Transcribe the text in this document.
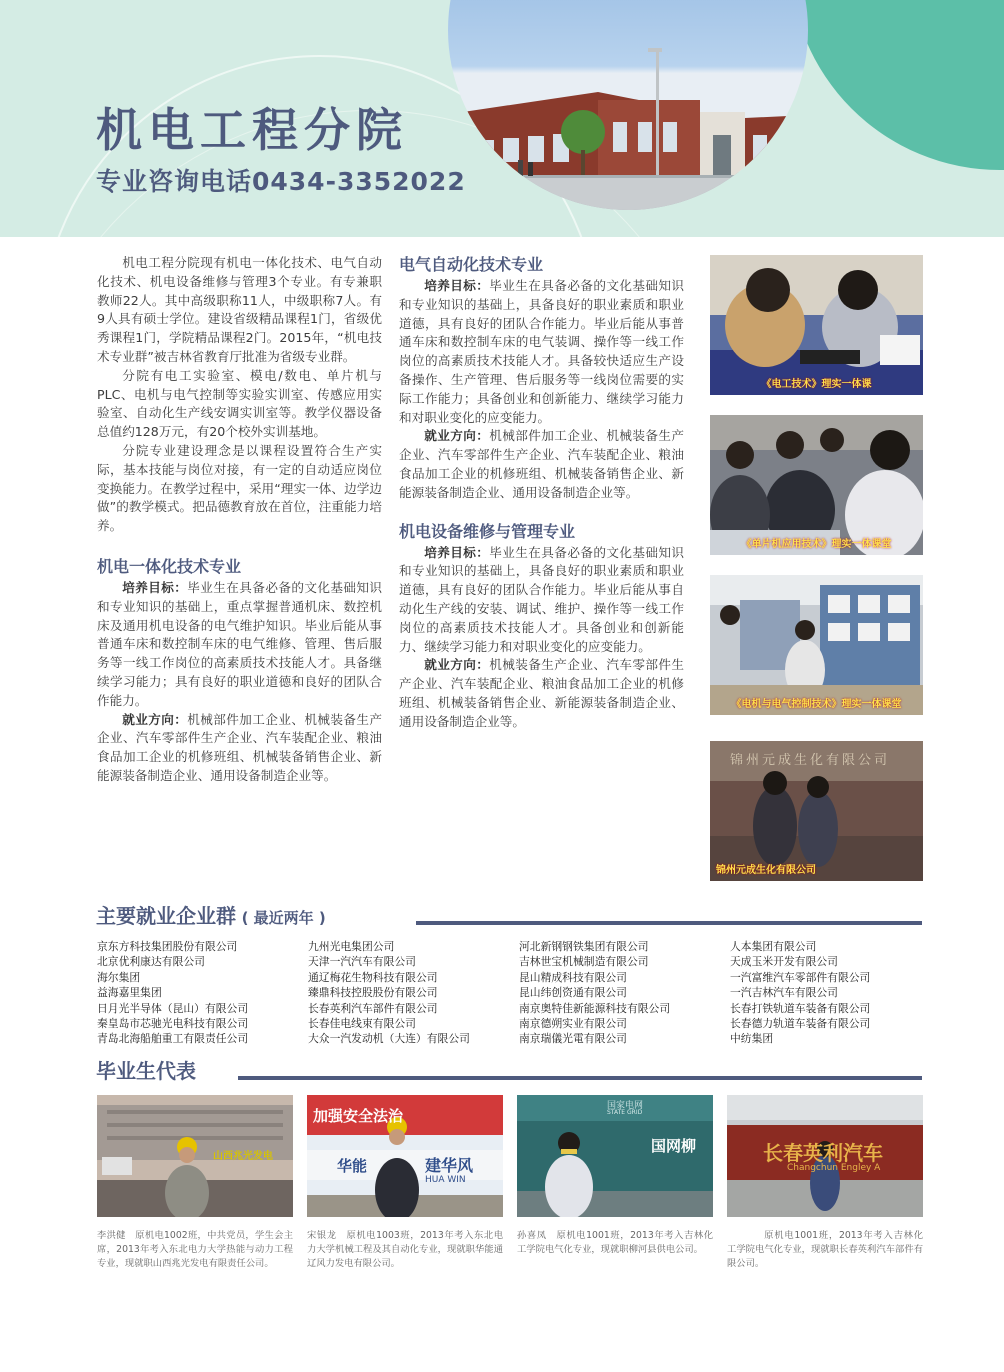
机电工程分院
专业咨询电话0434-3352022

机电工程分院现有机电一体化技术、电气自动化技术、机电设备维修与管理3个专业。有专兼职教师22人。其中高级职称11人，中级职称7人。有9人具有硕士学位。建设省级精品课程1门，省级优秀课程1门，学院精品课程2门。2015年，“机电技术专业群”被吉林省教育厅批准为省级专业群。

分院有电工实验室、模电/数电、单片机与PLC、电机与电气控制等实验实训室、传感应用实验室、自动化生产线安调实训室等。教学仪器设备总值约128万元，有20个校外实训基地。

分院专业建设理念是以课程设置符合生产实际，基本技能与岗位对接，有一定的自动适应岗位变换能力。在教学过程中，采用“理实一体、边学边做”的教学模式。把品德教育放在首位，注重能力培养。

机电一体化技术专业

培养目标：毕业生在具备必备的文化基础知识和专业知识的基础上，重点掌握普通机床、数控机床及通用机电设备的电气维护知识。毕业后能从事普通车床和数控制车床的电气维修、管理、售后服务等一线工作岗位的高素质技术技能人才。具备继续学习能力；具有良好的职业道德和良好的团队合作能力。

就业方向：机械部件加工企业、机械装备生产企业、汽车零部件生产企业、汽车装配企业、粮油食品加工企业的机修班组、机械装备销售企业、新能源装备制造企业、通用设备制造企业等。

电气自动化技术专业

培养目标：毕业生在具备必备的文化基础知识和专业知识的基础上，具备良好的职业素质和职业道德，具有良好的团队合作能力。毕业后能从事普通车床和数控制车床的电气装调、操作等一线工作岗位的高素质技术技能人才。具备较快适应生产设备操作、生产管理、售后服务等一线岗位需要的实际工作能力；具备创业和创新能力、继续学习能力和对职业变化的应变能力。

就业方向：机械部件加工企业、机械装备生产企业、汽车零部件生产企业、汽车装配企业、粮油食品加工企业的机修班组、机械装备销售企业、新能源装备制造企业、通用设备制造企业等。

机电设备维修与管理专业

培养目标：毕业生在具备必备的文化基础知识和专业知识的基础上，具备良好的职业素质和职业道德，具有良好的团队合作能力。毕业后能从事自动化生产线的安装、调试、维护、操作等一线工作岗位的高素质技术技能人才。具备创业和创新能力、继续学习能力和对职业变化的应变能力。

就业方向：机械装备生产企业、汽车零部件生产企业、汽车装配企业、粮油食品加工企业的机修班组、机械装备销售企业、新能源装备制造企业、通用设备制造企业等。

《电工技术》理实一体课
《单片机应用技术》理实一体课堂
《电机与电气控制技术》理实一体课堂
锦州元成生化有限公司
锦州元成生化有限公司
主要就业企业群 ( 最近两年 )
京东方科技集团股份有限公司
北京优利康达有限公司
海尔集团
益海嘉里集团
日月光半导体（昆山）有限公司
秦皇岛市芯驰光电科技有限公司
青岛北海船舶重工有限责任公司
九州光电集团公司
天津一汽汽车有限公司
通辽梅花生物科技有限公司
臻鼎科技控股股份有限公司
长春英利汽车部件有限公司
长春佳电线束有限公司
大众一汽发动机（大连）有限公司
河北新钢钢铁集团有限公司
吉林世宝机械制造有限公司
昆山精成科技有限公司
昆山纬创资通有限公司
南京奥特佳新能源科技有限公司
南京德朔实业有限公司
南京瑞儀光電有限公司
人本集团有限公司
天成玉米开发有限公司
一汽富维汽车零部件有限公司
一汽吉林汽车有限公司
长春打铁轨道车装备有限公司
长春德力轨道车装备有限公司
中纺集团
毕业生代表
山西兆光发电
加强安全法治
华能	建华风
HUA WIN
国家电网
STATE GRID
国网柳	长春英利汽车
Changchun Engley A
李洪健　原机电1002班，中共党员，学生会主席，2013年考入东北电力大学热能与动力工程专业，现就职山西兆光发电有限责任公司。
宋银龙　原机电1003班，2013年考入东北电力大学机械工程及其自动化专业，现就职华能通辽风力发电有限公司。
孙喜凤　原机电1001班，2013年考入吉林化工学院电气化专业，现就职柳河县供电公司。
原机电1001班，2013年考入吉林化工学院电气化专业，现就职长春英利汽车部件有限公司。
